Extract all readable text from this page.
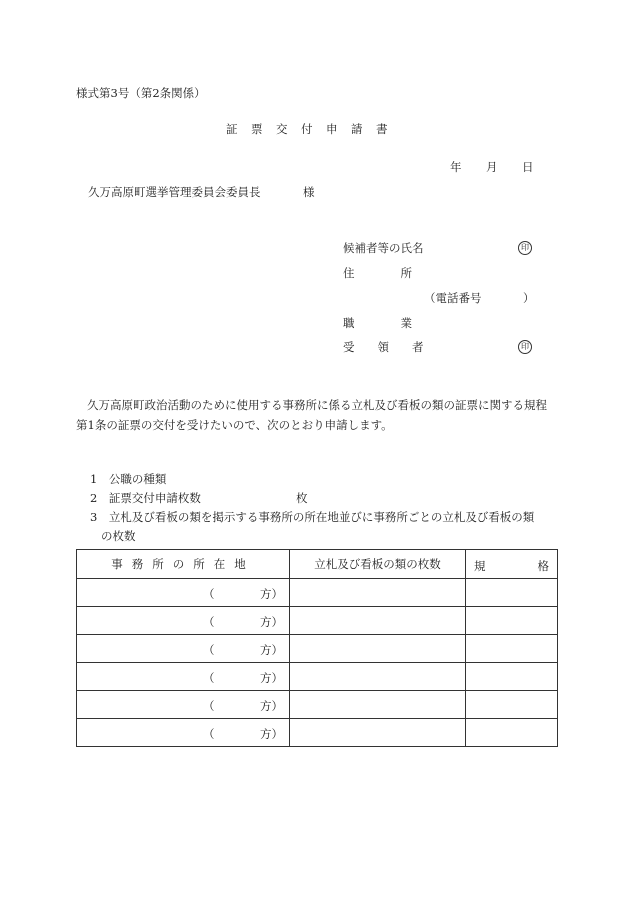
様式第3号（第2条関係）
証　票　交　付　申　請　書
年 月 日
久万高原町選挙管理委員会委員長	様
候補者等の氏名	印
住　　　　所
（電話番号	）
職　　　　業
受　　領　　者	印
久万高原町政治活動のために使用する事務所に係る立札及び看板の類の証票に関する規程第1条の証票の交付を受けたいので、次のとおり申請します。
1　公職の種類
2　証票交付申請枚数	枚
3　立札及び看板の類を掲示する事務所の所在地並びに事務所ごとの立札及び看板の類
の枚数
事務所の所在地	立札及び看板の類の枚数	規 格

（ 方）		

（ 方）		

（ 方）		

（ 方）		

（ 方）		

（ 方）		
